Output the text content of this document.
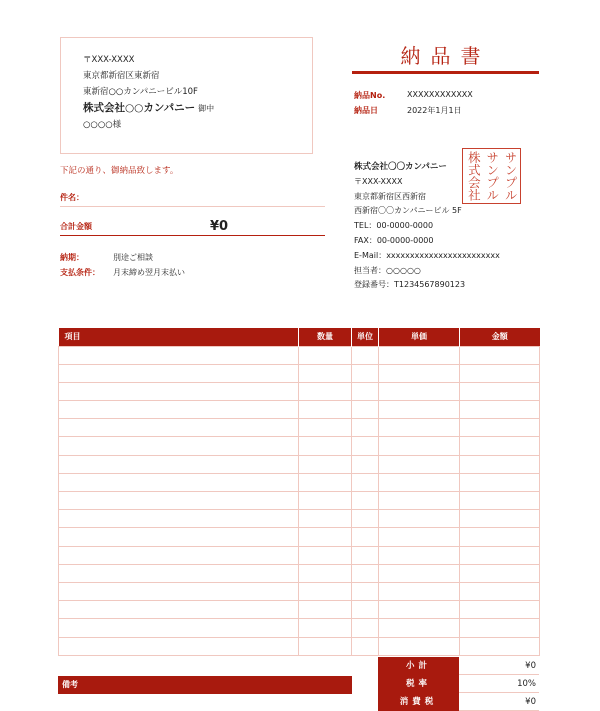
〒XXX-XXXX
東京都新宿区東新宿
東新宿○○カンパニービル10F
株式会社○○カンパニー 御中
○○○○様
納品書
納品No.	XXXXXXXXXXXX
納品日	2022年1月1日
株式会社〇〇カンパニー
〒XXX-XXXX
東京都新宿区西新宿
西新宿〇〇カンパニービル 5F
TEL：00-0000-0000
FAX：00-0000-0000
E-Mail：xxxxxxxxxxxxxxxxxxxxxxxx
担当者：○○○○○
登録番号：T1234567890123
サンプル
サンプル
株式会社
下記の通り、御納品致します。
件名：
合計金額	¥0
納期：	別途ご相談
支払条件：	月末締め翌月末払い
項目	数量	単位	単価	金額

小計	¥0
税率	10%
消費税	¥0
備考
